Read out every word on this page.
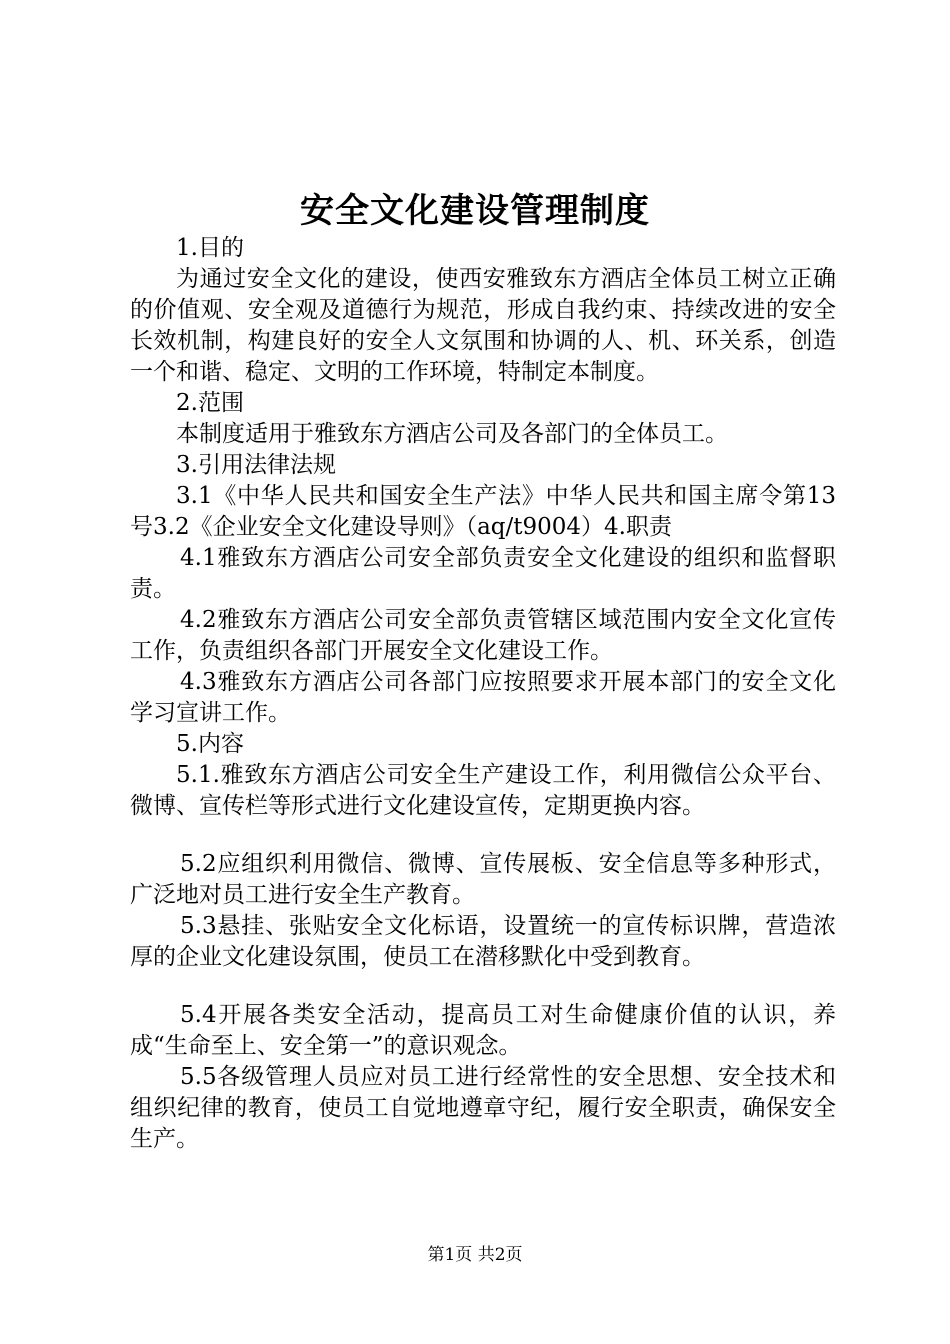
安全文化建设管理制度

1.目的

为通过安全文化的建设，使西安雅致东方酒店全体员工树立正确的价值观、安全观及道德行为规范，形成自我约束、持续改进的安全长效机制，构建良好的安全人文氛围和协调的人、机、环关系，创造一个和谐、稳定、文明的工作环境，特制定本制度。

2.范围

本制度适用于雅致东方酒店公司及各部门的全体员工。

3.引用法律法规

3.1《中华人民共和国安全生产法》中华人民共和国主席令第13号3.2《企业安全文化建设导则》（aq/t9004）4.职责

4.1雅致东方酒店公司安全部负责安全文化建设的组织和监督职责。

4.2雅致东方酒店公司安全部负责管辖区域范围内安全文化宣传工作，负责组织各部门开展安全文化建设工作。

4.3雅致东方酒店公司各部门应按照要求开展本部门的安全文化学习宣讲工作。

5.内容

5.1.雅致东方酒店公司安全生产建设工作，利用微信公众平台、微博、宣传栏等形式进行文化建设宣传，定期更换内容。

5.2应组织利用微信、微博、宣传展板、安全信息等多种形式，广泛地对员工进行安全生产教育。

5.3悬挂、张贴安全文化标语，设置统一的宣传标识牌，营造浓厚的企业文化建设氛围，使员工在潜移默化中受到教育。

5.4开展各类安全活动，提高员工对生命健康价值的认识，养成“生命至上、安全第一”的意识观念。

5.5各级管理人员应对员工进行经常性的安全思想、安全技术和组织纪律的教育，使员工自觉地遵章守纪，履行安全职责，确保安全生产。

第1页 共2页
